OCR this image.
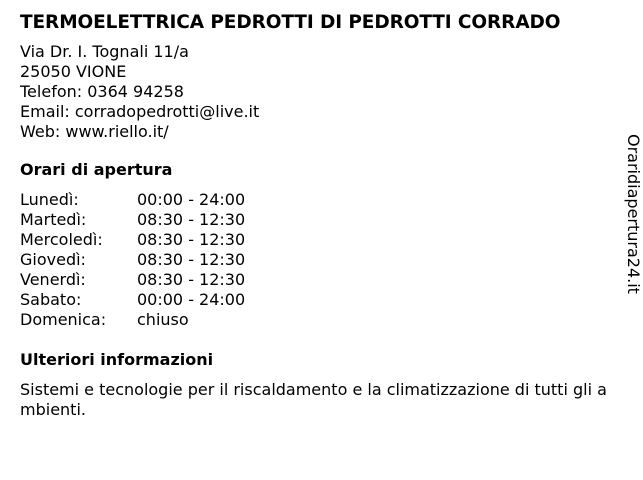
TERMOELETTRICA PEDROTTI DI PEDROTTI CORRADO
Via Dr. I. Tognali 11/a
25050 VIONE
Telefon: 0364 94258
Email: corradopedrotti@live.it
Web: www.riello.it/
Orari di apertura
Lunedì:	00:00 - 24:00
Martedì:	08:30 - 12:30
Mercoledì:	08:30 - 12:30
Giovedì:	08:30 - 12:30
Venerdì:	08:30 - 12:30
Sabato:	00:00 - 24:00
Domenica:	chiuso
Ulteriori informazioni
Sistemi e tecnologie per il riscaldamento e la climatizzazione di tutti gli ambienti.
Oraridiapertura24.it
